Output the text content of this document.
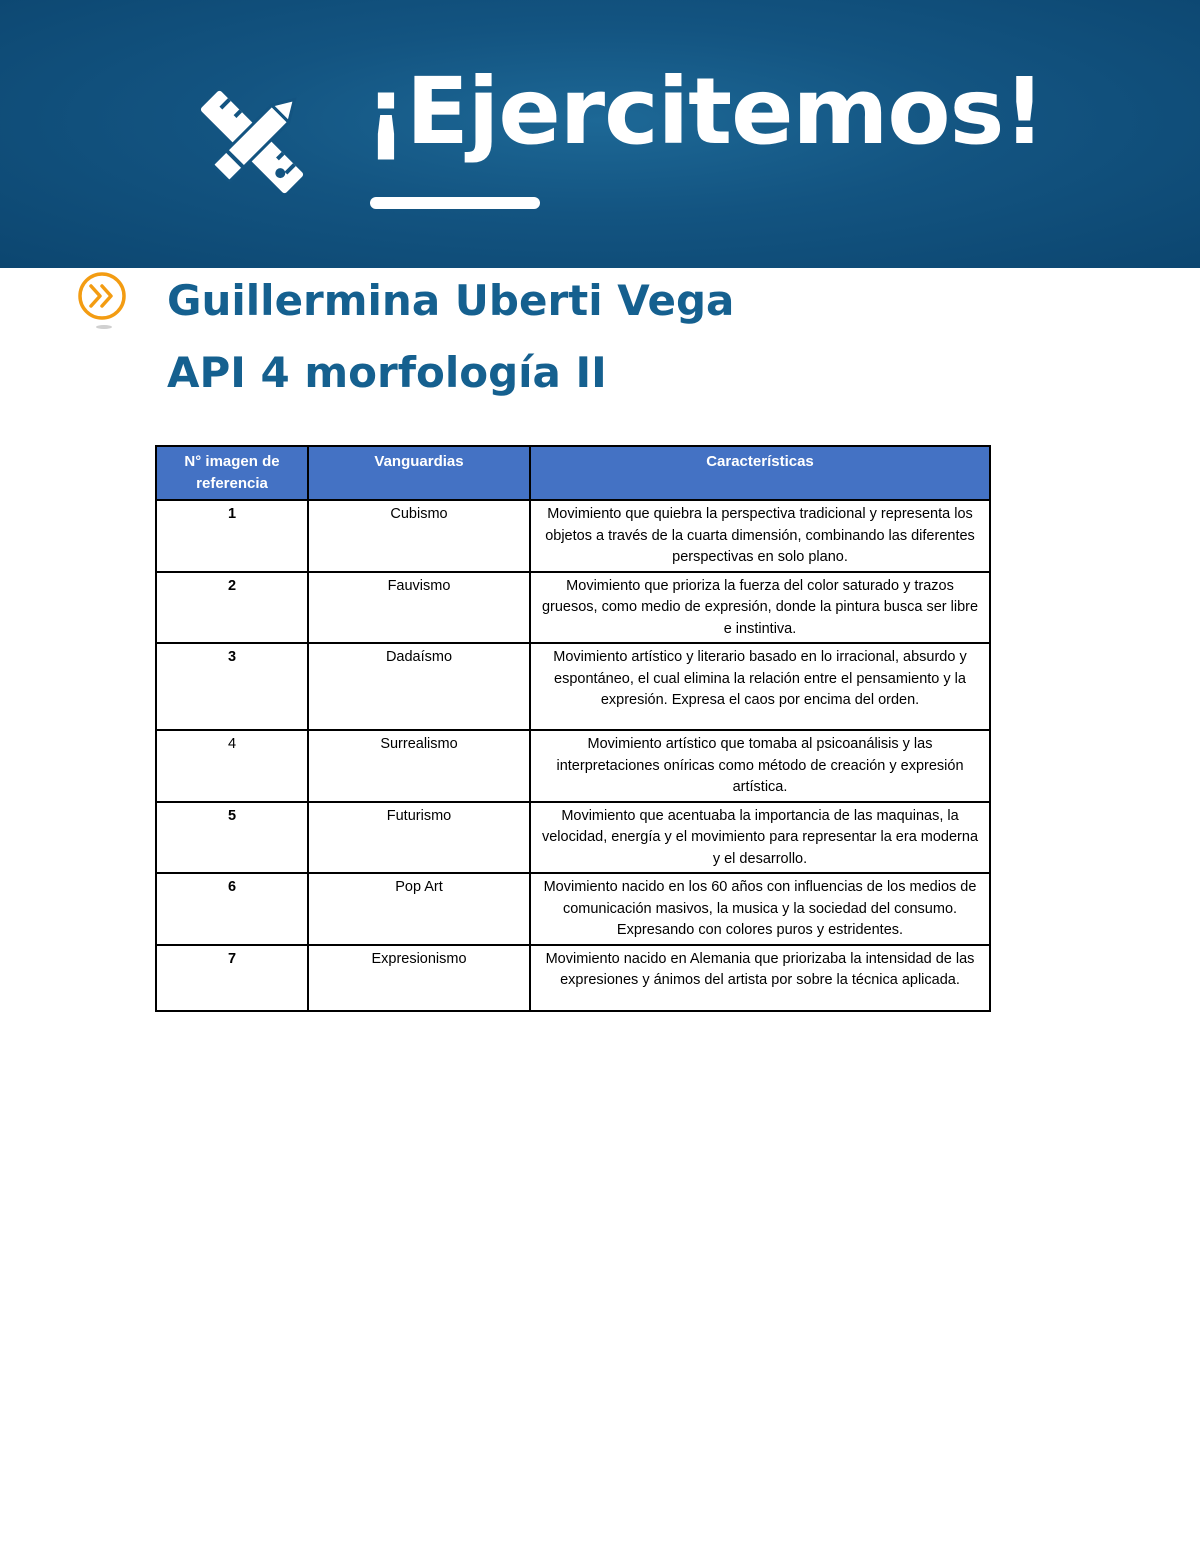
¡Ejercitemos!
Guillermina Uberti Vega
API 4 morfología II
N° imagen de referencia	Vanguardias	Características
1	Cubismo	Movimiento que quiebra la perspectiva tradicional y representa los objetos a través de la cuarta dimensión, combinando las diferentes perspectivas en solo plano.
2	Fauvismo	Movimiento que prioriza la fuerza del color saturado y trazos gruesos, como medio de expresión, donde la pintura busca ser libre e instintiva.
3	Dadaísmo	Movimiento artístico y literario basado en lo irracional, absurdo y espontáneo, el cual elimina la relación entre el pensamiento y la expresión. Expresa el caos por encima del orden.
4	Surrealismo	Movimiento artístico que tomaba al psicoanálisis y las interpretaciones oníricas como método de creación y expresión artística.
5	Futurismo	Movimiento que acentuaba la importancia de las maquinas, la velocidad, energía y el movimiento para representar la era moderna y el desarrollo.
6	Pop Art	Movimiento nacido en los 60 años con influencias de los medios de comunicación masivos, la musica y la sociedad del consumo. Expresando con colores puros y estridentes.
7	Expresionismo	Movimiento nacido en Alemania que priorizaba la intensidad de las expresiones y ánimos del artista por sobre la técnica aplicada.
